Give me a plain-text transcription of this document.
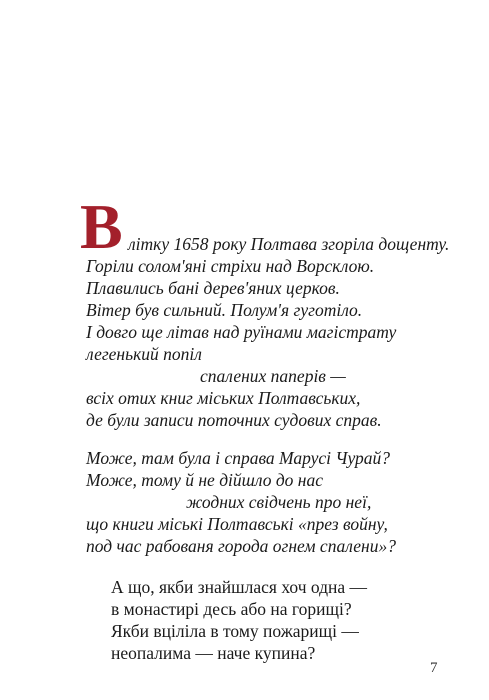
В літку 1658 року Полтава згоріла дощенту.
Горіли солом'яні стріхи над Ворсклою.
Плавились бані дерев'яних церков.
Вітер був сильний. Полум'я гуготіло.
І довго ще літав над руїнами магістрату
легенький попіл
спалених паперів —
всіх отих книг міських Полтавських,
де були записи поточних судових справ.
Може, там була і справа Марусі Чурай?
Може, тому й не дійшло до нас
жодних свідчень про неї,
що книги міські Полтавські «през войну,
под час рабованя города огнем спалени»?
А що, якби знайшлася хоч одна —
в монастирі десь або на горищі?
Якби вціліла в тому пожарищі —
неопалима — наче купина?
7
